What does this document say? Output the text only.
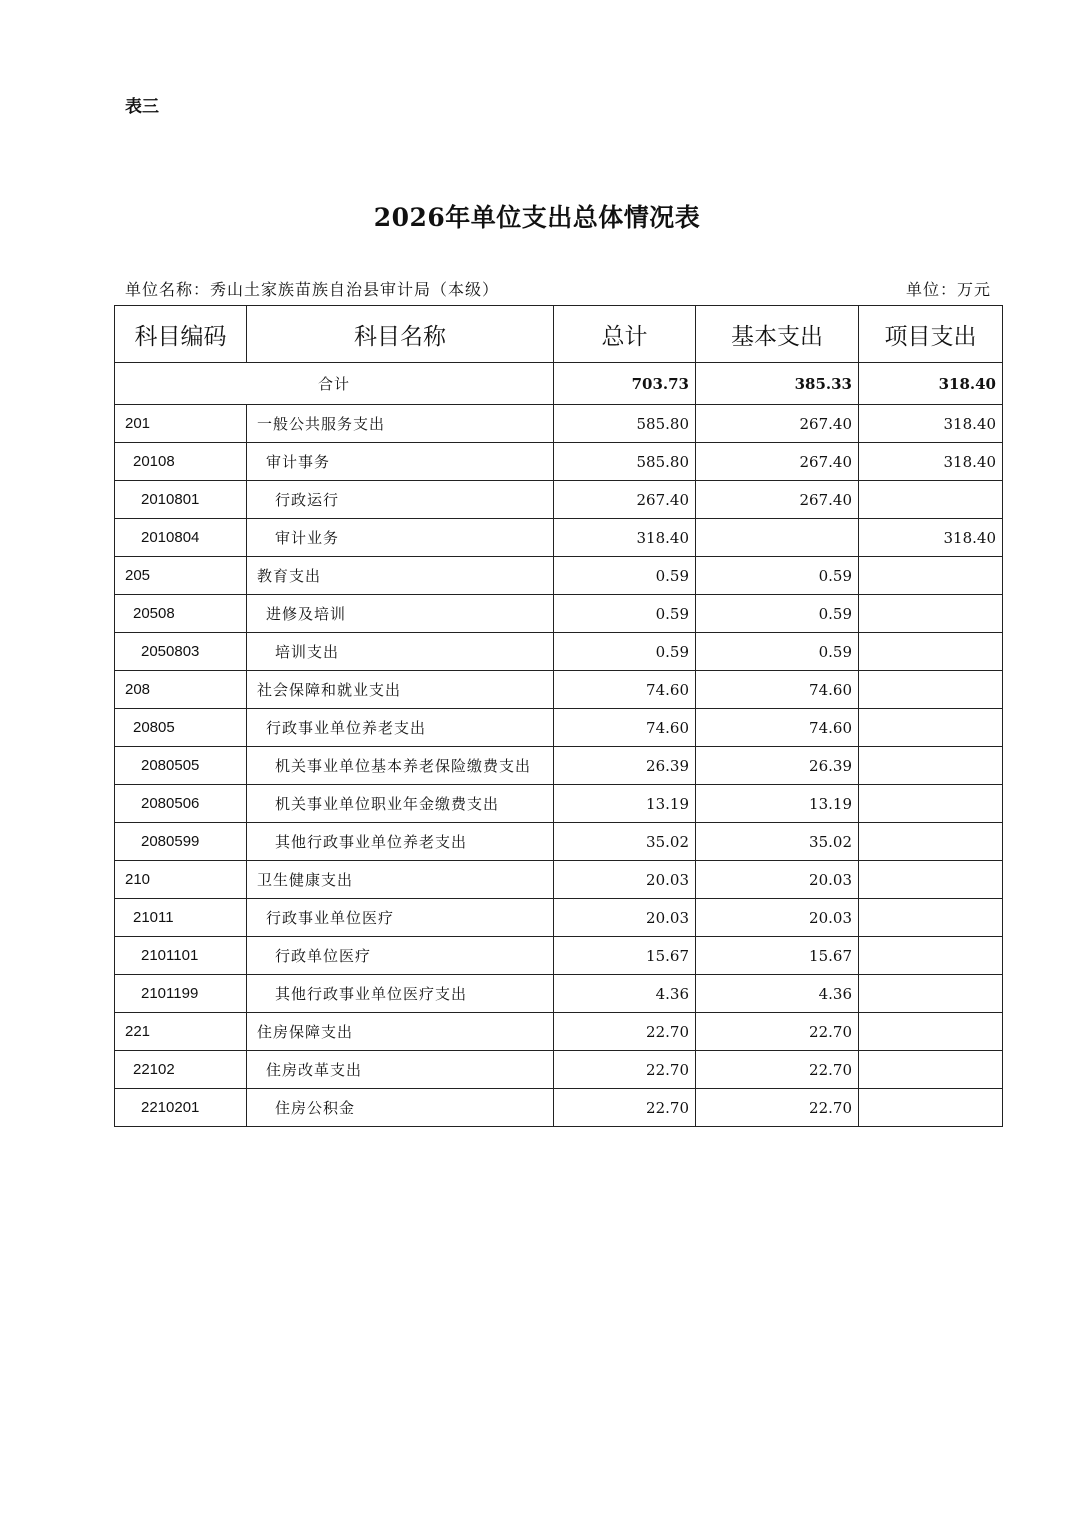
表三
2026年单位支出总体情况表
单位名称：秀山土家族苗族自治县审计局（本级）	单位：万元
科目编码	科目名称	总计	基本支出	项目支出
合计		703.73	385.33	318.40
201	一般公共服务支出	585.80	267.40	318.40
20108	审计事务	585.80	267.40	318.40
2010801	行政运行	267.40	267.40	
2010804	审计业务	318.40		318.40
205	教育支出	0.59	0.59	
20508	进修及培训	0.59	0.59	
2050803	培训支出	0.59	0.59	
208	社会保障和就业支出	74.60	74.60	
20805	行政事业单位养老支出	74.60	74.60	
2080505	机关事业单位基本养老保险缴费支出	26.39	26.39	
2080506	机关事业单位职业年金缴费支出	13.19	13.19	
2080599	其他行政事业单位养老支出	35.02	35.02	
210	卫生健康支出	20.03	20.03	
21011	行政事业单位医疗	20.03	20.03	
2101101	行政单位医疗	15.67	15.67	
2101199	其他行政事业单位医疗支出	4.36	4.36	
221	住房保障支出	22.70	22.70	
22102	住房改革支出	22.70	22.70	
2210201	住房公积金	22.70	22.70	
